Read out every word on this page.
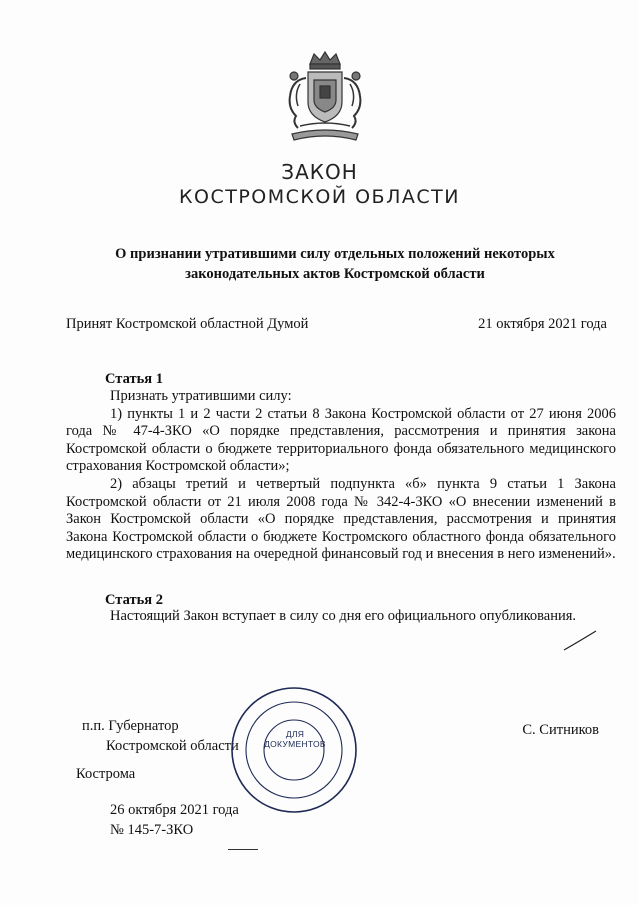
ЗАКОН
КОСТРОМСКОЙ ОБЛАСТИ
О признании утратившими силу отдельных положений некоторых
законодательных актов Костромской области
Принят Костромской областной Думой	21 октября 2021 года
Статья 1

Признать утратившими силу:

1) пункты 1 и 2 части 2 статьи 8 Закона Костромской области от 27 июня 2006 года № 47-4-ЗКО «О порядке представления, рассмотрения и принятия закона Костромской области о бюджете территориального фонда обязательного медицинского страхования Костромской области»;

2) абзацы третий и четвертый подпункта «б» пункта 9 статьи 1 Закона Костромской области от 21 июля 2008 года № 342-4-ЗКО «О внесении изменений в Закон Костромской области «О порядке представления, рассмотрения и принятия Закона Костромской области о бюджете Костромского областного фонда обязательного медицинского страхования на очередной финансовый год и внесения в него изменений».

Статья 2

Настоящий Закон вступает в силу со дня его официального опубликования.

п.п. Губернатор
Костромской области
С. Ситников
ДЛЯ
ДОКУМЕНТОВ
Кострома
26 октября 2021 года
№ 145-7-ЗКО
